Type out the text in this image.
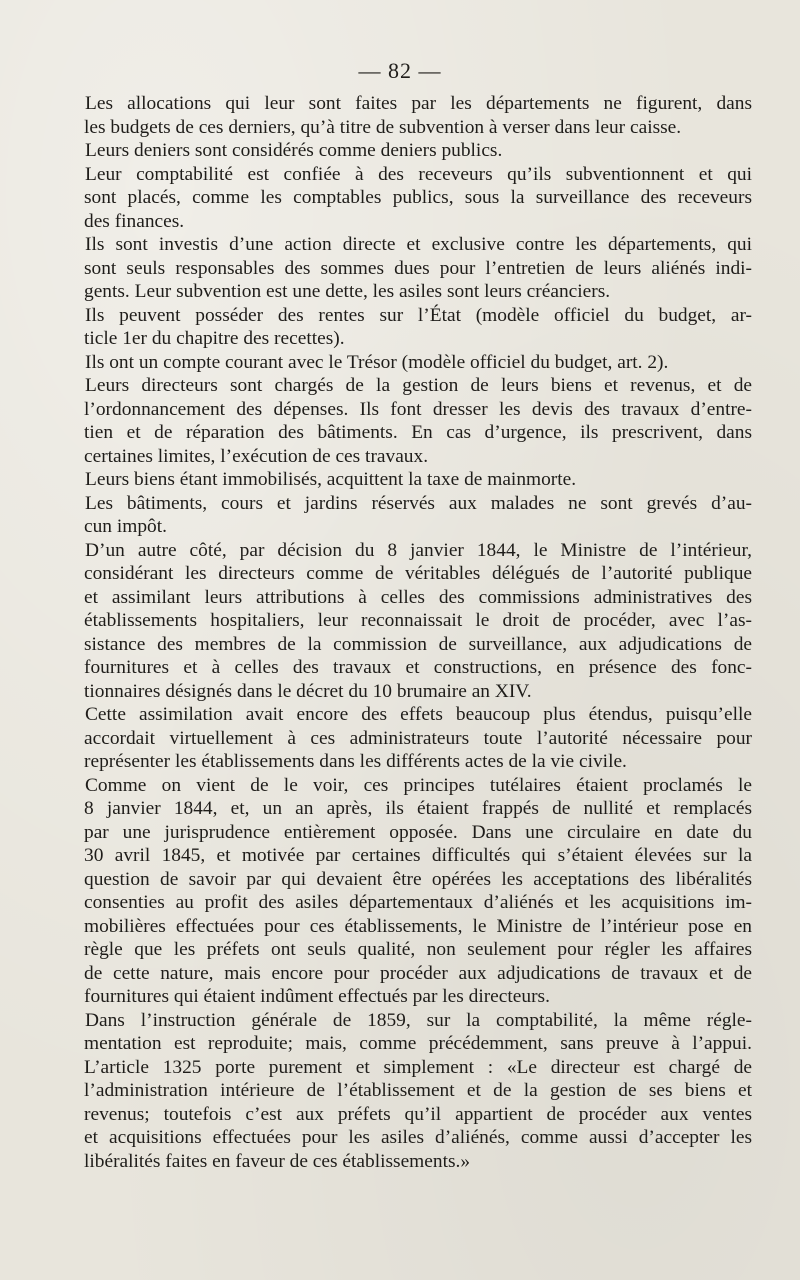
— 82 —
Les allocations qui leur sont faites par les départements ne figurent, dans
les budgets de ces derniers, qu’à titre de subvention à verser dans leur caisse.
Leurs deniers sont considérés comme deniers publics.
Leur comptabilité est confiée à des receveurs qu’ils subventionnent et qui
sont placés, comme les comptables publics, sous la surveillance des receveurs
des finances.
Ils sont investis d’une action directe et exclusive contre les départements, qui
sont seuls responsables des sommes dues pour l’entretien de leurs aliénés indi-
gents. Leur subvention est une dette, les asiles sont leurs créanciers.
Ils peuvent posséder des rentes sur l’État (modèle officiel du budget, ar-
ticle 1er du chapitre des recettes).
Ils ont un compte courant avec le Trésor (modèle officiel du budget, art. 2).
Leurs directeurs sont chargés de la gestion de leurs biens et revenus, et de
l’ordonnancement des dépenses. Ils font dresser les devis des travaux d’entre-
tien et de réparation des bâtiments. En cas d’urgence, ils prescrivent, dans
certaines limites, l’exécution de ces travaux.
Leurs biens étant immobilisés, acquittent la taxe de mainmorte.
Les bâtiments, cours et jardins réservés aux malades ne sont grevés d’au-
cun impôt.
D’un autre côté, par décision du 8 janvier 1844, le Ministre de l’intérieur,
considérant les directeurs comme de véritables délégués de l’autorité publique
et assimilant leurs attributions à celles des commissions administratives des
établissements hospitaliers, leur reconnaissait le droit de procéder, avec l’as-
sistance des membres de la commission de surveillance, aux adjudications de
fournitures et à celles des travaux et constructions, en présence des fonc-
tionnaires désignés dans le décret du 10 brumaire an XIV.
Cette assimilation avait encore des effets beaucoup plus étendus, puisqu’elle
accordait virtuellement à ces administrateurs toute l’autorité nécessaire pour
représenter les établissements dans les différents actes de la vie civile.
Comme on vient de le voir, ces principes tutélaires étaient proclamés le
8 janvier 1844, et, un an après, ils étaient frappés de nullité et remplacés
par une jurisprudence entièrement opposée. Dans une circulaire en date du
30 avril 1845, et motivée par certaines difficultés qui s’étaient élevées sur la
question de savoir par qui devaient être opérées les acceptations des libéralités
consenties au profit des asiles départementaux d’aliénés et les acquisitions im-
mobilières effectuées pour ces établissements, le Ministre de l’intérieur pose en
règle que les préfets ont seuls qualité, non seulement pour régler les affaires
de cette nature, mais encore pour procéder aux adjudications de travaux et de
fournitures qui étaient indûment effectués par les directeurs.
Dans l’instruction générale de 1859, sur la comptabilité, la même régle-
mentation est reproduite; mais, comme précédemment, sans preuve à l’appui.
L’article 1325 porte purement et simplement : «Le directeur est chargé de
l’administration intérieure de l’établissement et de la gestion de ses biens et
revenus; toutefois c’est aux préfets qu’il appartient de procéder aux ventes
et acquisitions effectuées pour les asiles d’aliénés, comme aussi d’accepter les
libéralités faites en faveur de ces établissements.»
